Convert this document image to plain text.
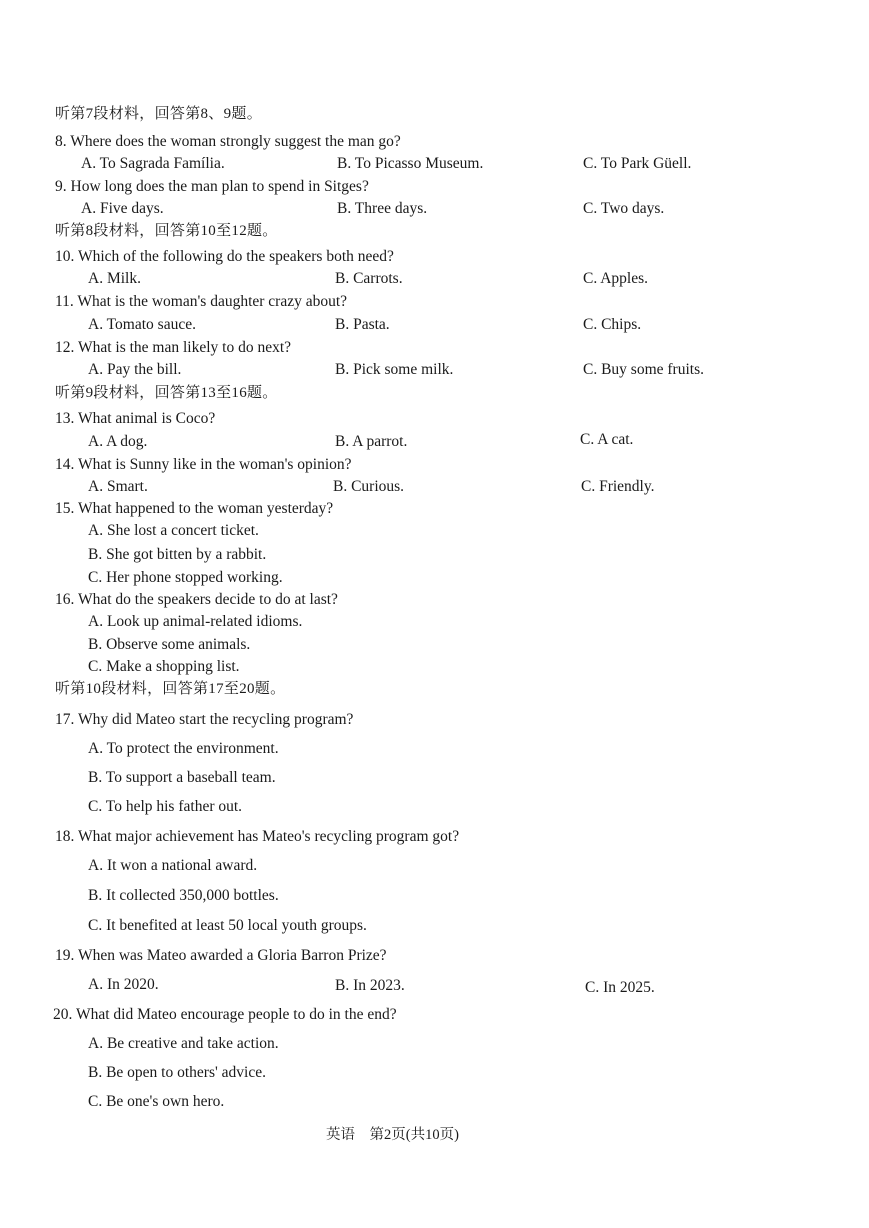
听第7段材料，回答第8、9题。
8. Where does the woman strongly suggest the man go?
A. To Sagrada Família.	B. To Picasso Museum.	C. To Park Güell.
9. How long does the man plan to spend in Sitges?
A. Five days.	B. Three days.	C. Two days.
听第8段材料，回答第10至12题。
10. Which of the following do the speakers both need?
A. Milk.	B. Carrots.	C. Apples.
11. What is the woman's daughter crazy about?
A. Tomato sauce.	B. Pasta.	C. Chips.
12. What is the man likely to do next?
A. Pay the bill.	B. Pick some milk.	C. Buy some fruits.
听第9段材料，回答第13至16题。
13. What animal is Coco?
A. A dog.	B. A parrot.	C. A cat.
14. What is Sunny like in the woman's opinion?
A. Smart.	B. Curious.	C. Friendly.
15. What happened to the woman yesterday?
A. She lost a concert ticket.
B. She got bitten by a rabbit.
C. Her phone stopped working.
16. What do the speakers decide to do at last?
A. Look up animal-related idioms.
B. Observe some animals.
C. Make a shopping list.
听第10段材料，回答第17至20题。
17. Why did Mateo start the recycling program?
A. To protect the environment.
B. To support a baseball team.
C. To help his father out.
18. What major achievement has Mateo's recycling program got?
A. It won a national award.
B. It collected 350,000 bottles.
C. It benefited at least 50 local youth groups.
19. When was Mateo awarded a Gloria Barron Prize?
A. In 2020.	B. In 2023.	C. In 2025.
20. What did Mateo encourage people to do in the end?
A. Be creative and take action.
B. Be open to others' advice.
C. Be one's own hero.
英语　第2页(共10页)
